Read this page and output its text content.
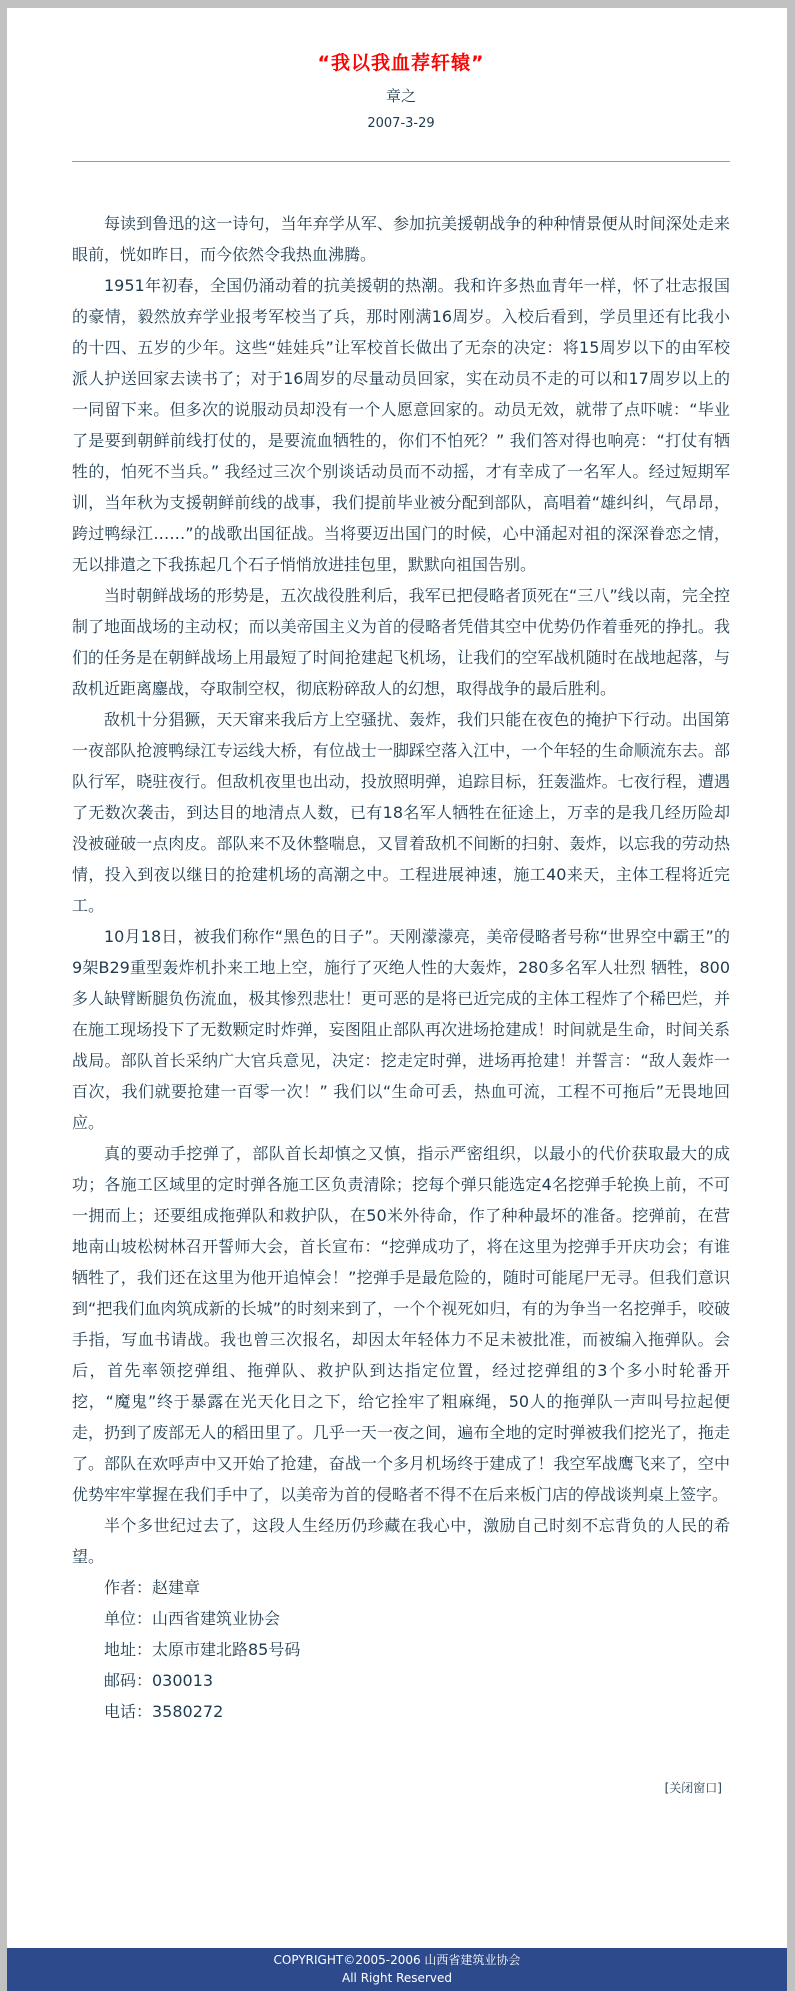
“我以我血荐轩辕”

章之

2007-3-29

每读到鲁迅的这一诗句，当年弃学从军、参加抗美援朝战争的种种情景便从时间深处走来眼前，恍如昨日，而今依然令我热血沸腾。

1951年初春，全国仍涌动着的抗美援朝的热潮。我和许多热血青年一样，怀了壮志报国的豪情，毅然放弃学业报考军校当了兵，那时刚满16周岁。入校后看到，学员里还有比我小的十四、五岁的少年。这些“娃娃兵”让军校首长做出了无奈的决定：将15周岁以下的由军校派人护送回家去读书了；对于16周岁的尽量动员回家，实在动员不走的可以和17周岁以上的一同留下来。但多次的说服动员却没有一个人愿意回家的。动员无效，就带了点吓唬：“毕业了是要到朝鲜前线打仗的，是要流血牺牲的，你们不怕死？” 我们答对得也响亮：“打仗有牺牲的，怕死不当兵。” 我经过三次个别谈话动员而不动摇，才有幸成了一名军人。经过短期军训，当年秋为支援朝鲜前线的战事，我们提前毕业被分配到部队，高唱着“雄纠纠，气昂昂，跨过鸭绿江……”的战歌出国征战。当将要迈出国门的时候，心中涌起对祖的深深眷恋之情，无以排遣之下我拣起几个石子悄悄放进挂包里，默默向祖国告别。

当时朝鲜战场的形势是，五次战役胜利后，我军已把侵略者顶死在“三八”线以南，完全控制了地面战场的主动权；而以美帝国主义为首的侵略者凭借其空中优势仍作着垂死的挣扎。我们的任务是在朝鲜战场上用最短了时间抢建起飞机场，让我们的空军战机随时在战地起落，与敌机近距离鏖战，夺取制空权，彻底粉碎敌人的幻想，取得战争的最后胜利。

敌机十分猖獗，天天窜来我后方上空骚扰、轰炸，我们只能在夜色的掩护下行动。出国第一夜部队抢渡鸭绿江专运线大桥，有位战士一脚踩空落入江中，一个年轻的生命顺流东去。部队行军，晓驻夜行。但敌机夜里也出动，投放照明弹，追踪目标，狂轰滥炸。七夜行程，遭遇了无数次袭击，到达目的地清点人数，已有18名军人牺牲在征途上，万幸的是我几经历险却没被碰破一点肉皮。部队来不及休整喘息，又冒着敌机不间断的扫射、轰炸，以忘我的劳动热情，投入到夜以继日的抢建机场的高潮之中。工程进展神速，施工40来天，主体工程将近完工。

10月18日，被我们称作“黑色的日子”。天刚濛濛亮，美帝侵略者号称“世界空中霸王”的9架B29重型轰炸机扑来工地上空，施行了灭绝人性的大轰炸，280多名军人壮烈 牺牲，800多人缺臂断腿负伤流血，极其惨烈悲壮！更可恶的是将已近完成的主体工程炸了个稀巴烂，并在施工现场投下了无数颗定时炸弹，妄图阻止部队再次进场抢建成！时间就是生命，时间关系战局。部队首长采纳广大官兵意见，决定：挖走定时弹，进场再抢建！并誓言：“敌人轰炸一百次，我们就要抢建一百零一次！” 我们以“生命可丢，热血可流，工程不可拖后”无畏地回应。

真的要动手挖弹了，部队首长却慎之又慎，指示严密组织，以最小的代价获取最大的成功；各施工区域里的定时弹各施工区负责清除；挖每个弹只能选定4名挖弹手轮换上前，不可一拥而上；还要组成拖弹队和救护队，在50米外待命，作了种种最坏的准备。挖弹前，在营地南山坡松树林召开誓师大会，首长宣布：“挖弹成功了，将在这里为挖弹手开庆功会；有谁牺牲了，我们还在这里为他开追悼会！”挖弹手是最危险的，随时可能尾尸无寻。但我们意识到“把我们血肉筑成新的长城”的时刻来到了，一个个视死如归，有的为争当一名挖弹手，咬破手指，写血书请战。我也曾三次报名，却因太年轻体力不足未被批准，而被编入拖弹队。会后，首先率领挖弹组、拖弹队、救护队到达指定位置，经过挖弹组的3个多小时轮番开挖，“魔鬼”终于暴露在光天化日之下，给它拴牢了粗麻绳，50人的拖弹队一声叫号拉起便走，扔到了废部无人的稻田里了。几乎一天一夜之间，遍布全地的定时弹被我们挖光了，拖走了。部队在欢呼声中又开始了抢建，奋战一个多月机场终于建成了！我空军战鹰飞来了，空中优势牢牢掌握在我们手中了，以美帝为首的侵略者不得不在后来板门店的停战谈判桌上签字。

半个多世纪过去了，这段人生经历仍珍藏在我心中，激励自己时刻不忘背负的人民的希望。

作者：赵建章

单位：山西省建筑业协会

地址：太原市建北路85号码

邮码：030013

电话：3580272

[关闭窗口]
COPYRIGHT©2005-2006 山西省建筑业协会
All Right Reserved
